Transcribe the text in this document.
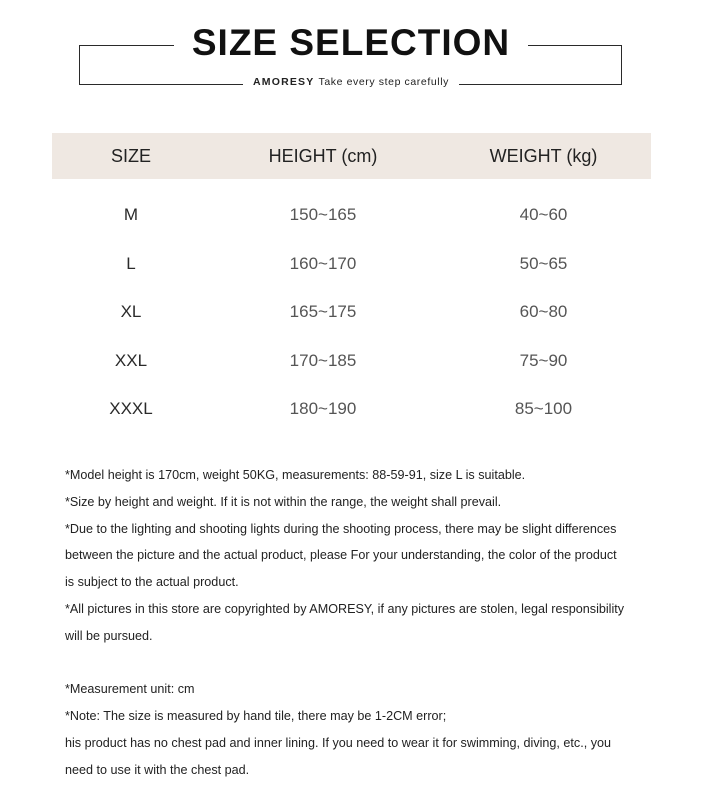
SIZE SELECTION
AMORESY Take every step carefully
SIZE	HEIGHT (cm)	WEIGHT (kg)
M	150~165	40~60
L	160~170	50~65
XL	165~175	60~80
XXL	170~185	75~90
XXXL	180~190	85~100

*Model height is 170cm, weight 50KG, measurements: 88-59-91, size L is suitable.

*Size by height and weight. If it is not within the range, the weight shall prevail.

*Due to the lighting and shooting lights during the shooting process, there may be slight differences

between the picture and the actual product, please For your understanding, the color of the product

is subject to the actual product.

*All pictures in this store are copyrighted by AMORESY, if any pictures are stolen, legal responsibility

will be pursued.

*Measurement unit: cm

*Note: The size is measured by hand tile, there may be 1-2CM error;

his product has no chest pad and inner lining. If you need to wear it for swimming, diving, etc., you

need to use it with the chest pad.
